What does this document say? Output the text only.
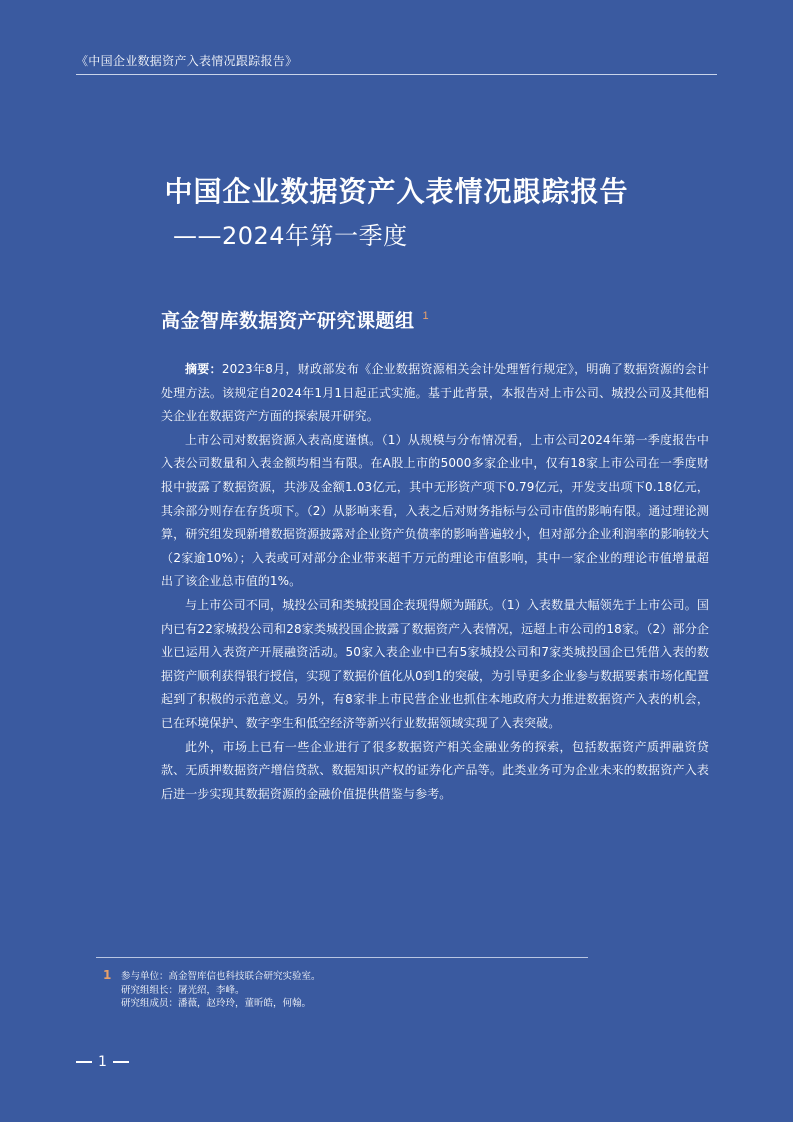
《中国企业数据资产入表情况跟踪报告》
中国企业数据资产入表情况跟踪报告
——2024年第一季度
高金智库数据资产研究课题组 $^1$

摘要：2023年8月，财政部发布《企业数据资源相关会计处理暂行规定》，明确了数据资源的会计处理方法。该规定自2024年1月1日起正式实施。基于此背景，本报告对上市公司、城投公司及其他相关企业在数据资产方面的探索展开研究。

上市公司对数据资源入表高度谨慎。（1）从规模与分布情况看，上市公司2024年第一季度报告中入表公司数量和入表金额均相当有限。在A股上市的5000多家企业中，仅有18家上市公司在一季度财报中披露了数据资源，共涉及金额1.03亿元，其中无形资产项下0.79亿元，开发支出项下0.18亿元，其余部分则存在存货项下。（2）从影响来看，入表之后对财务指标与公司市值的影响有限。通过理论测算，研究组发现新增数据资源披露对企业资产负债率的影响普遍较小，但对部分企业利润率的影响较大（2家逾10%）；入表或可对部分企业带来超千万元的理论市值影响，其中一家企业的理论市值增量超出了该企业总市值的1%。

与上市公司不同，城投公司和类城投国企表现得颇为踊跃。（1）入表数量大幅领先于上市公司。国内已有22家城投公司和28家类城投国企披露了数据资产入表情况，远超上市公司的18家。（2）部分企业已运用入表资产开展融资活动。50家入表企业中已有5家城投公司和7家类城投国企已凭借入表的数据资产顺利获得银行授信，实现了数据价值化从0到1的突破，为引导更多企业参与数据要素市场化配置起到了积极的示范意义。另外，有8家非上市民营企业也抓住本地政府大力推进数据资产入表的机会，已在环境保护、数字孪生和低空经济等新兴行业数据领域实现了入表突破。

此外，市场上已有一些企业进行了很多数据资产相关金融业务的探索，包括数据资产质押融资贷款、无质押数据资产增信贷款、数据知识产权的证券化产品等。此类业务可为企业未来的数据资产入表后进一步实现其数据资源的金融价值提供借鉴与参考。

1 参与单位：高金智库信也科技联合研究实验室。
研究组组长：屠光绍，李峰。
研究组成员：潘薇，赵玲玲，董昕皓，何翰。
1
